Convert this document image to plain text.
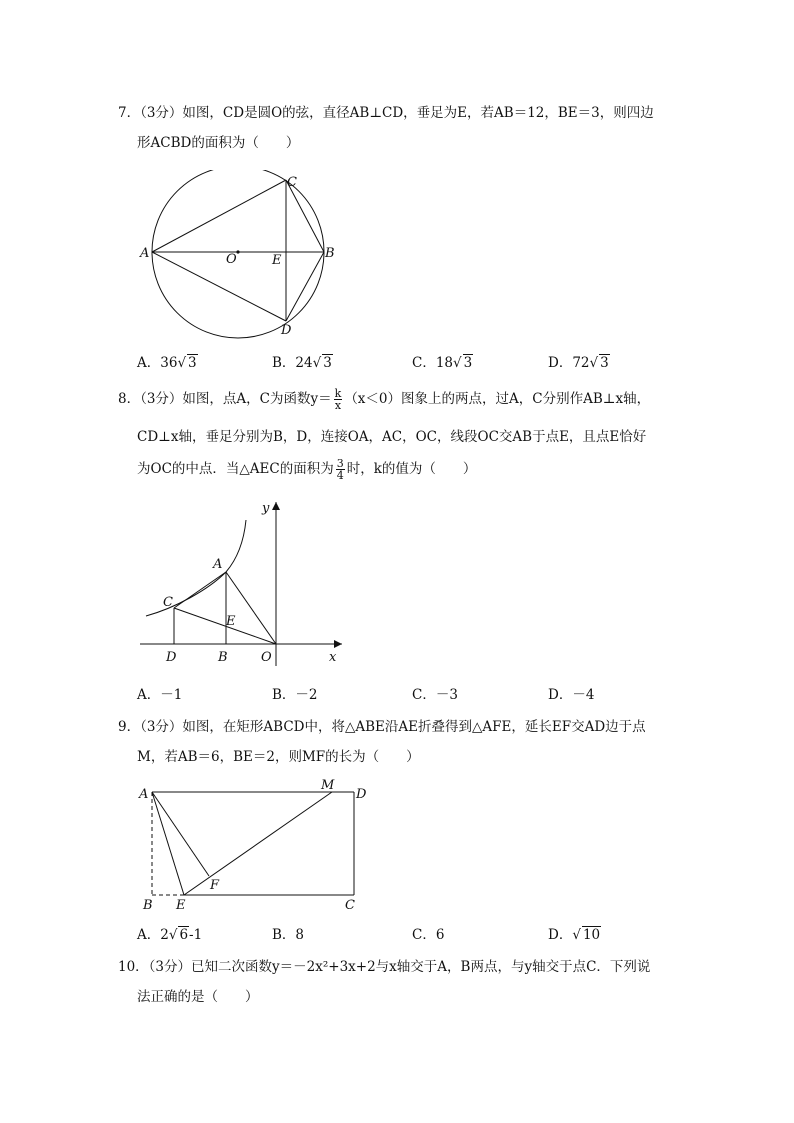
7．（3分）如图，CD是圆O的弦，直径AB⊥CD，垂足为E，若AB＝12，BE＝3，则四边
形ACBD的面积为（　　）
A	B
C
D
O	E
A．36√ 3	B．24√ 3	C．18√ 3	D．72√ 3
8．（3分）如图，点A，C为函数$y= \frac{k}{x} (x<0)$图象上的两点，过A，C分别作AB⊥x轴，
CD⊥x轴，垂足分别为B，D，连接OA，AC，OC，线段OC交AB于点E，且点E恰好
为OC的中点．当△AEC的面积为 $\frac{3}{4}$ 时，k的值为（　　）
y
x
A
C
E
D	B	O
A．－1	B．－2	C．－3	D．－4
9．（3分）如图，在矩形ABCD中，将△ABE沿AE折叠得到△AFE，延长EF交AD边于点
M，若AB＝6，BE＝2，则MF的长为（　　）
A
M
D
F
B E	C
A．2√ 6-1	B．8	C．6	D．√ 10
10．（3分）已知二次函数y＝－2x²+3x+2与x轴交于A，B两点，与y轴交于点C．下列说
法正确的是（　　）
